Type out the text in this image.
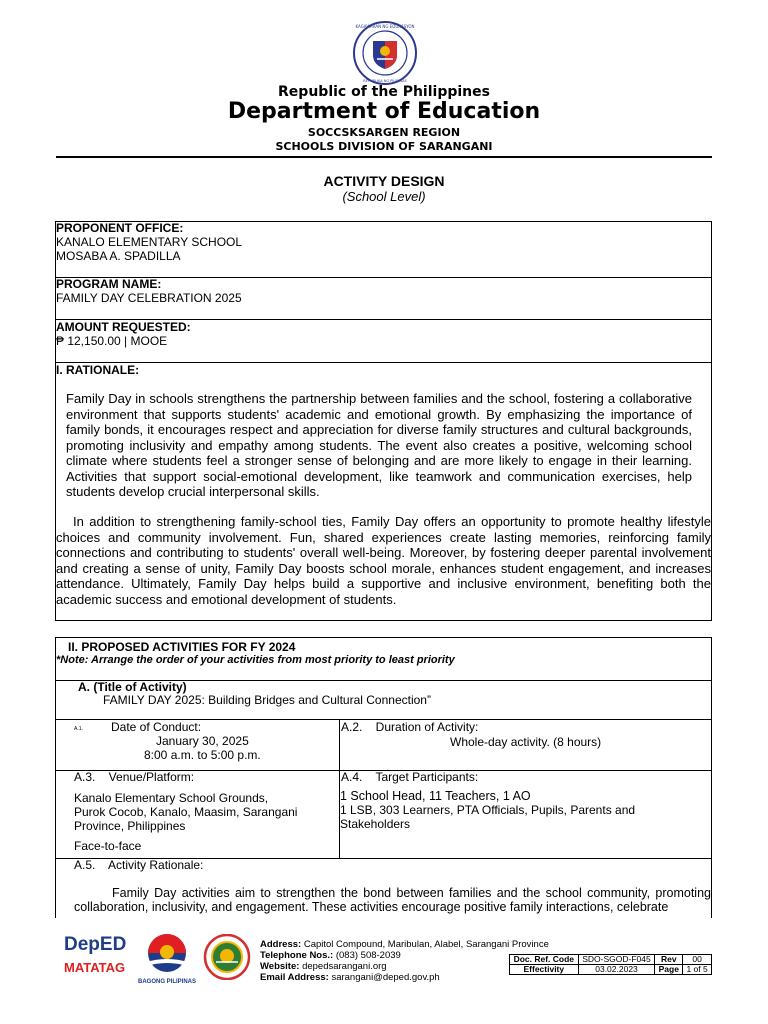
KAGAWARAN NG EDUKASYON
REPUBLIKA NG PILIPINAS
Republic of the Philippines
Department of Education
SOCCSKSARGEN REGION
SCHOOLS DIVISION OF SARANGANI
ACTIVITY DESIGN
(School Level)
PROPONENT OFFICE:
KANALO ELEMENTARY SCHOOL
MOSABA A. SPADILLA
PROGRAM NAME:
FAMILY DAY CELEBRATION 2025
AMOUNT REQUESTED:
₱ 12,150.00 | MOOE
I. RATIONALE:
Family Day in schools strengthens the partnership between families and the school, fostering a collaborative environment that supports students' academic and emotional growth. By emphasizing the importance of family bonds, it encourages respect and appreciation for diverse family structures and cultural backgrounds, promoting inclusivity and empathy among students. The event also creates a positive, welcoming school climate where students feel a stronger sense of belonging and are more likely to engage in their learning. Activities that support social-emotional development, like teamwork and communication exercises, help students develop crucial interpersonal skills.
In addition to strengthening family-school ties, Family Day offers an opportunity to promote healthy lifestyle choices and community involvement. Fun, shared experiences create lasting memories, reinforcing family connections and contributing to students' overall well-being. Moreover, by fostering deeper parental involvement and creating a sense of unity, Family Day boosts school morale, enhances student engagement, and increases attendance. Ultimately, Family Day helps build a supportive and inclusive environment, benefiting both the academic success and emotional development of students.
II. PROPOSED ACTIVITIES FOR FY 2024
*Note: Arrange the order of your activities from most priority to least priority
A. (Title of Activity)
FAMILY DAY 2025: Building Bridges and Cultural Connection”
A.1. Date of Conduct:
January 30, 2025
8:00 a.m. to 5:00 p.m.
A.2.    Duration of Activity:
Whole-day activity. (8 hours)
A.3.    Venue/Platform:
Kanalo Elementary School Grounds,
Purok Cocob, Kanalo, Maasim, Sarangani
Province, Philippines
Face-to-face
A.4.    Target Participants:
1 School Head, 11 Teachers, 1 AO
1 LSB, 303 Learners, PTA Officials, Pupils, Parents and
Stakeholders
A.5.    Activity Rationale:
Family Day activities aim to strengthen the bond between families and the school community, promoting collaboration, inclusivity, and engagement. These activities encourage positive family interactions, celebrate
DepED
MATATAG
BAGONG PILIPINAS
Address: Capitol Compound, Maribulan, Alabel, Sarangani Province
Telephone Nos.: (083) 508-2039
Website: depedsarangani.org
Email Address: sarangani@deped.gov.ph
Doc. Ref. Code	SDO-SGOD-F045	Rev	00
Effectivity	03.02.2023	Page	1 of 5
